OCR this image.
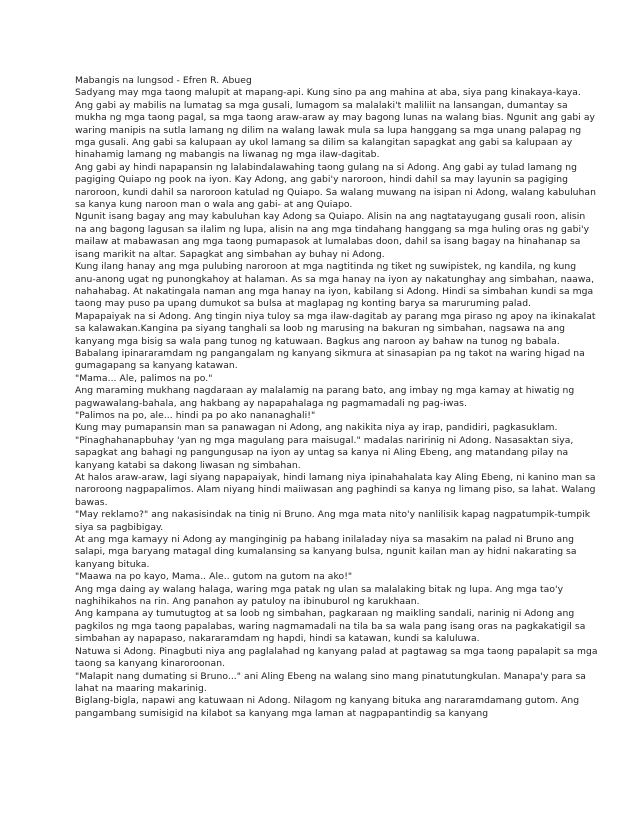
Mabangis na lungsod - Efren R. Abueg

Sadyang may mga taong malupit at mapang-api. Kung sino pa ang mahina at aba, siya pang kinakaya-kaya.

Ang gabi ay mabilis na lumatag sa mga gusali, lumagom sa malalaki't maliliit na lansangan, dumantay sa mukha ng mga taong pagal, sa mga taong araw-araw ay may bagong lunas na walang bias. Ngunit ang gabi ay waring manipis na sutla lamang ng dilim na walang lawak mula sa lupa hanggang sa mga unang palapag ng mga gusali. Ang gabi sa kalupaan ay ukol lamang sa dilim sa kalangitan sapagkat ang gabi sa kalupaan ay hinahamig lamang ng mabangis na liwanag ng mga ilaw-dagitab.

Ang gabi ay hindi napapansin ng lalabindalawahing taong gulang na si Adong. Ang gabi ay tulad lamang ng pagiging Quiapo ng pook na iyon. Kay Adong, ang gabi'y naroroon, hindi dahil sa may layunin sa pagiging naroroon, kundi dahil sa naroroon katulad ng Quiapo. Sa walang muwang na isipan ni Adong, walang kabuluhan sa kanya kung naroon man o wala ang gabi- at ang Quiapo.

Ngunit isang bagay ang may kabuluhan kay Adong sa Quiapo. Alisin na ang nagtatayugang gusali roon, alisin na ang bagong lagusan sa ilalim ng lupa, alisin na ang mga tindahang hanggang sa mga huling oras ng gabi'y mailaw at mabawasan ang mga taong pumapasok at lumalabas doon, dahil sa isang bagay na hinahanap sa isang marikit na altar. Sapagkat ang simbahan ay buhay ni Adong.

Kung ilang hanay ang mga pulubing naroroon at mga nagtitinda ng tiket ng suwipistek, ng kandila, ng kung anu-anong ugat ng punongkahoy at halaman. As sa mga hanay na iyon ay nakatunghay ang simbahan, naawa, nahahabag. At nakatingala naman ang mga hanay na iyon, kabilang si Adong. Hindi sa simbahan kundi sa mga taong may puso pa upang dumukot sa bulsa at maglapag ng konting barya sa maruruming palad.

Mapapaiyak na si Adong. Ang tingin niya tuloy sa mga ilaw-dagitab ay parang mga piraso ng apoy na ikinakalat sa kalawakan.Kangina pa siyang tanghali sa loob ng marusing na bakuran ng simbahan, nagsawa na ang kanyang mga bisig sa wala pang tunog ng katuwaan. Bagkus ang naroon ay bahaw na tunog ng babala. Babalang ipinararamdam ng pangangalam ng kanyang sikmura at sinasapian pa ng takot na waring higad na gumagapang sa kanyang katawan.

"Mama... Ale, palimos na po."

Ang maraming mukhang nagdaraan ay malalamig na parang bato, ang imbay ng mga kamay at hiwatig ng pagwawalang-bahala, ang hakbang ay napapahalaga ng pagmamadali ng pag-iwas.

"Palimos na po, ale... hindi pa po ako nananaghali!"

Kung may pumapansin man sa panawagan ni Adong, ang nakikita niya ay irap, pandidiri, pagkasuklam. "Pinaghahanapbuhay 'yan ng mga magulang para maisugal." madalas naririnig ni Adong. Nasasaktan siya, sapagkat ang bahagi ng pangungusap na iyon ay untag sa kanya ni Aling Ebeng, ang matandang pilay na kanyang katabi sa dakong liwasan ng simbahan.

At halos araw-araw, lagi siyang napapaiyak, hindi lamang niya ipinahahalata kay Aling Ebeng, ni kanino man sa naroroong nagpapalimos. Alam niyang hindi maiiwasan ang paghindi sa kanya ng limang piso, sa lahat. Walang bawas.

"May reklamo?" ang nakasisindak na tinig ni Bruno. Ang mga mata nito'y nanlilisik kapag nagpatumpik-tumpik siya sa pagbibigay.

At ang mga kamayy ni Adong ay manginginig pa habang inilaladay niya sa masakim na palad ni Bruno ang salapi, mga baryang matagal ding kumalansing sa kanyang bulsa, ngunit kailan man ay hidni nakarating sa kanyang bituka.

"Maawa na po kayo, Mama.. Ale.. gutom na gutom na ako!"

Ang mga daing ay walang halaga, waring mga patak ng ulan sa malalaking bitak ng lupa. Ang mga tao'y naghihikahos na rin. Ang panahon ay patuloy na ibinuburol ng karukhaan.

Ang kampana ay tumutugtog at sa loob ng simbahan, pagkaraan ng maikling sandali, narinig ni Adong ang pagkilos ng mga taong papalabas, waring nagmamadali na tila ba sa wala pang isang oras na pagkakatigil sa simbahan ay napapaso, nakararamdam ng hapdi, hindi sa katawan, kundi sa kaluluwa.

Natuwa si Adong. Pinagbuti niya ang paglalahad ng kanyang palad at pagtawag sa mga taong papalapit sa mga taong sa kanyang kinaroroonan.

"Malapit nang dumating si Bruno..." ani Aling Ebeng na walang sino mang pinatutungkulan. Manapa'y para sa lahat na maaring makarinig.

Biglang-bigla, napawi ang katuwaan ni Adong. Nilagom ng kanyang bituka ang nararamdamang gutom. Ang pangambang sumisigid na kilabot sa kanyang mga laman at nagpapantindig sa kanyang
